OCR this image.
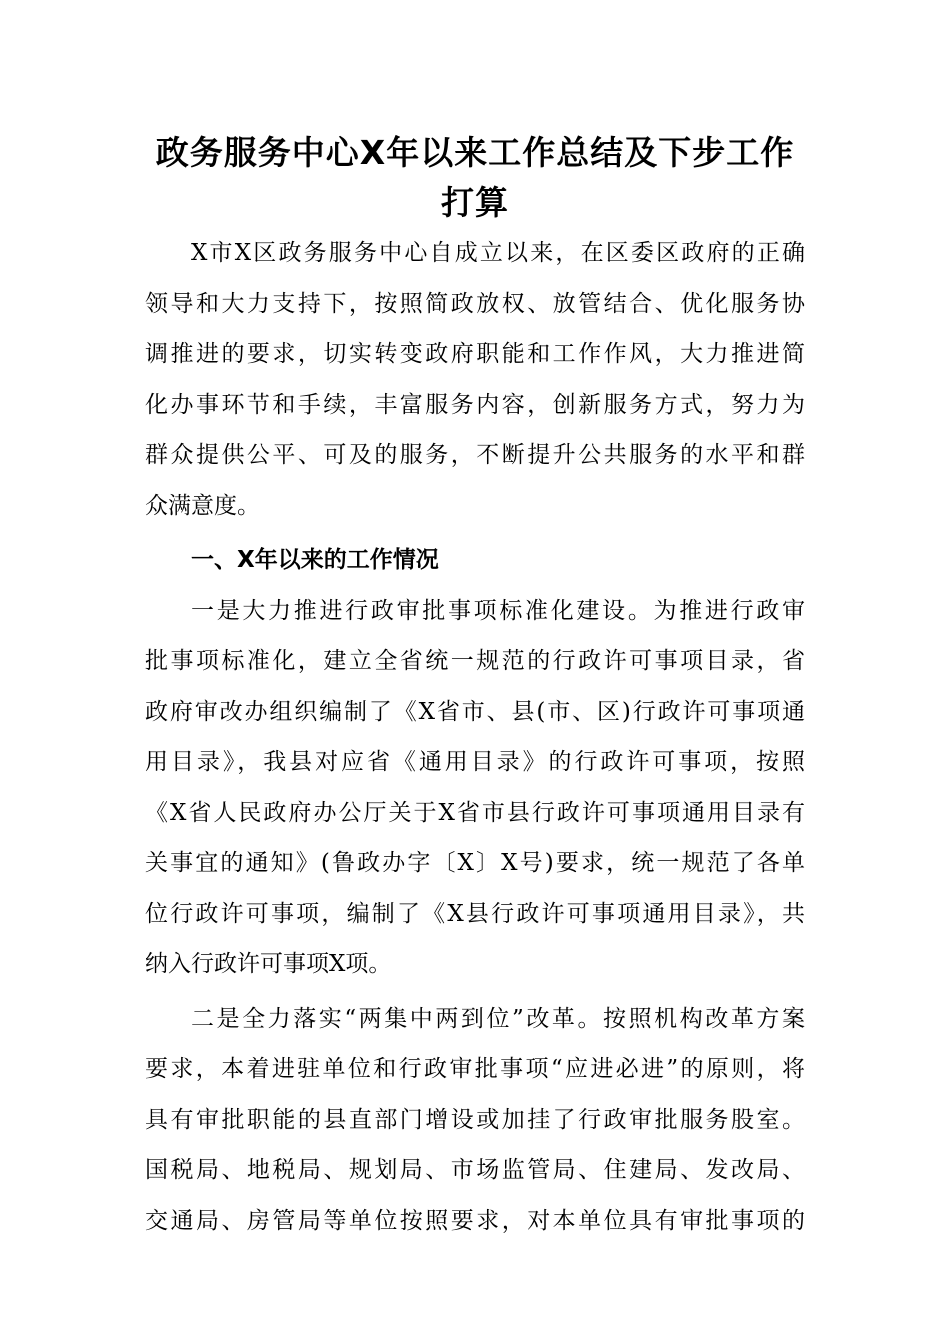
政务服务中心X年以来工作总结及下步工作
打算
X市X区政务服务中心自成立以来，在区委区政府的正确
领导和大力支持下，按照简政放权、放管结合、优化服务协
调推进的要求，切实转变政府职能和工作作风，大力推进简
化办事环节和手续，丰富服务内容，创新服务方式，努力为
群众提供公平、可及的服务，不断提升公共服务的水平和群
众满意度。
一、X年以来的工作情况
一是大力推进行政审批事项标准化建设。为推进行政审
批事项标准化，建立全省统一规范的行政许可事项目录，省
政府审改办组织编制了《X省市、县(市、区)行政许可事项通
用目录》，我县对应省《通用目录》的行政许可事项，按照
《X省人民政府办公厅关于X省市县行政许可事项通用目录有
关事宜的通知》(鲁政办字〔X〕X号)要求，统一规范了各单
位行政许可事项，编制了《X县行政许可事项通用目录》，共
纳入行政许可事项X项。
二是全力落实“两集中两到位”改革。按照机构改革方案
要求，本着进驻单位和行政审批事项“应进必进”的原则，将
具有审批职能的县直部门增设或加挂了行政审批服务股室。
国税局、地税局、规划局、市场监管局、住建局、发改局、
交通局、房管局等单位按照要求，对本单位具有审批事项的
